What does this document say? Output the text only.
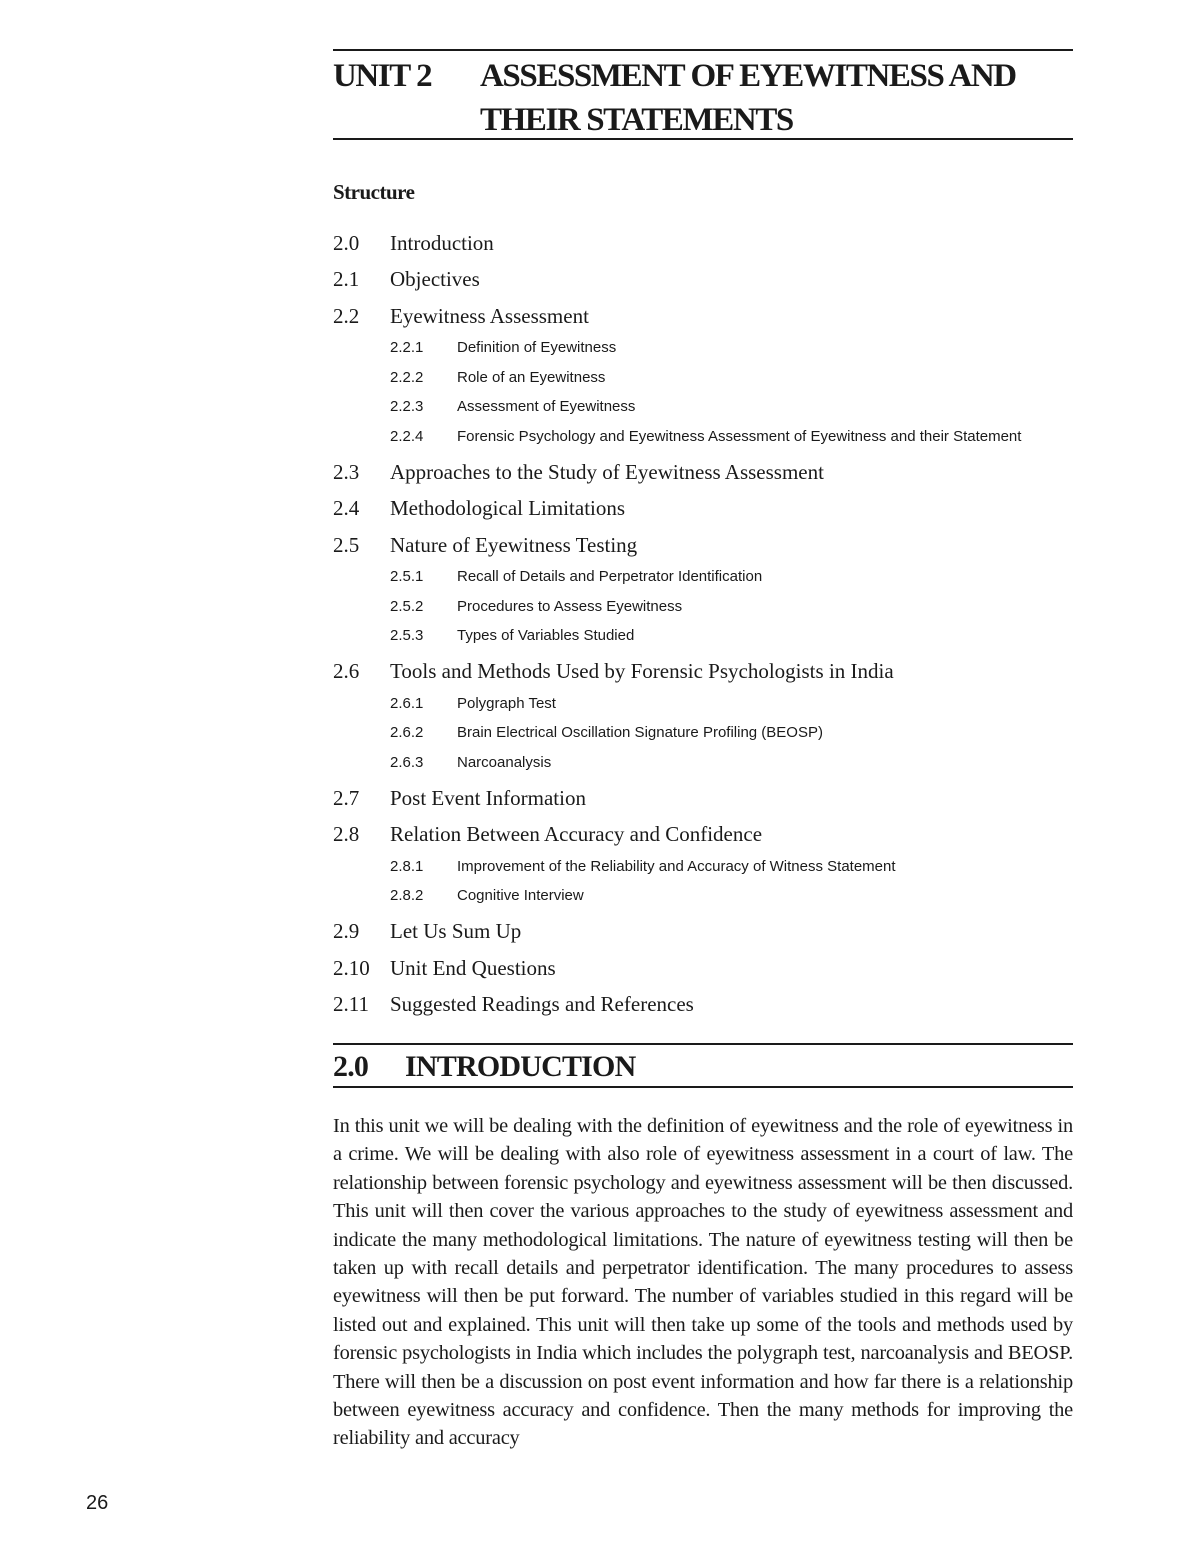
UNIT 2 ASSESSMENT OF EYEWITNESS AND
THEIR STATEMENTS
Structure
2.0	Introduction
2.1	Objectives
2.2	Eyewitness Assessment
2.2.1	Definition of Eyewitness
2.2.2	Role of an Eyewitness
2.2.3	Assessment of Eyewitness
2.2.4	Forensic Psychology and Eyewitness Assessment of Eyewitness and their Statement
2.3	Approaches to the Study of Eyewitness Assessment
2.4	Methodological Limitations
2.5	Nature of Eyewitness Testing
2.5.1	Recall of Details and Perpetrator Identification
2.5.2	Procedures to Assess Eyewitness
2.5.3	Types of Variables Studied
2.6	Tools and Methods Used by Forensic Psychologists in India
2.6.1	Polygraph Test
2.6.2	Brain Electrical Oscillation Signature Profiling (BEOSP)
2.6.3	Narcoanalysis
2.7	Post Event Information
2.8	Relation Between Accuracy and Confidence
2.8.1	Improvement of the Reliability and Accuracy of Witness Statement
2.8.2	Cognitive Interview
2.9	Let Us Sum Up
2.10 Unit End Questions
2.11	Suggested Readings and References
2.0 INTRODUCTION
In this unit we will be dealing with the definition of eyewitness and the role of eyewitness in a crime. We will be dealing with also role of eyewitness assessment in a court of law. The relationship between forensic psychology and eyewitness assessment will be then discussed. This unit will then cover the various approaches to the study of eyewitness assessment and indicate the many methodological limitations. The nature of eyewitness testing will then be taken up with recall details and perpetrator identification. The many procedures to assess eyewitness will then be put forward. The number of variables studied in this regard will be listed out and explained. This unit will then take up some of the tools and methods used by forensic psychologists in India which includes the polygraph test, narcoanalysis and BEOSP. There will then be a discussion on post event information and how far there is a relationship between eyewitness accuracy and confidence. Then the many methods for improving the reliability and accuracy
26
